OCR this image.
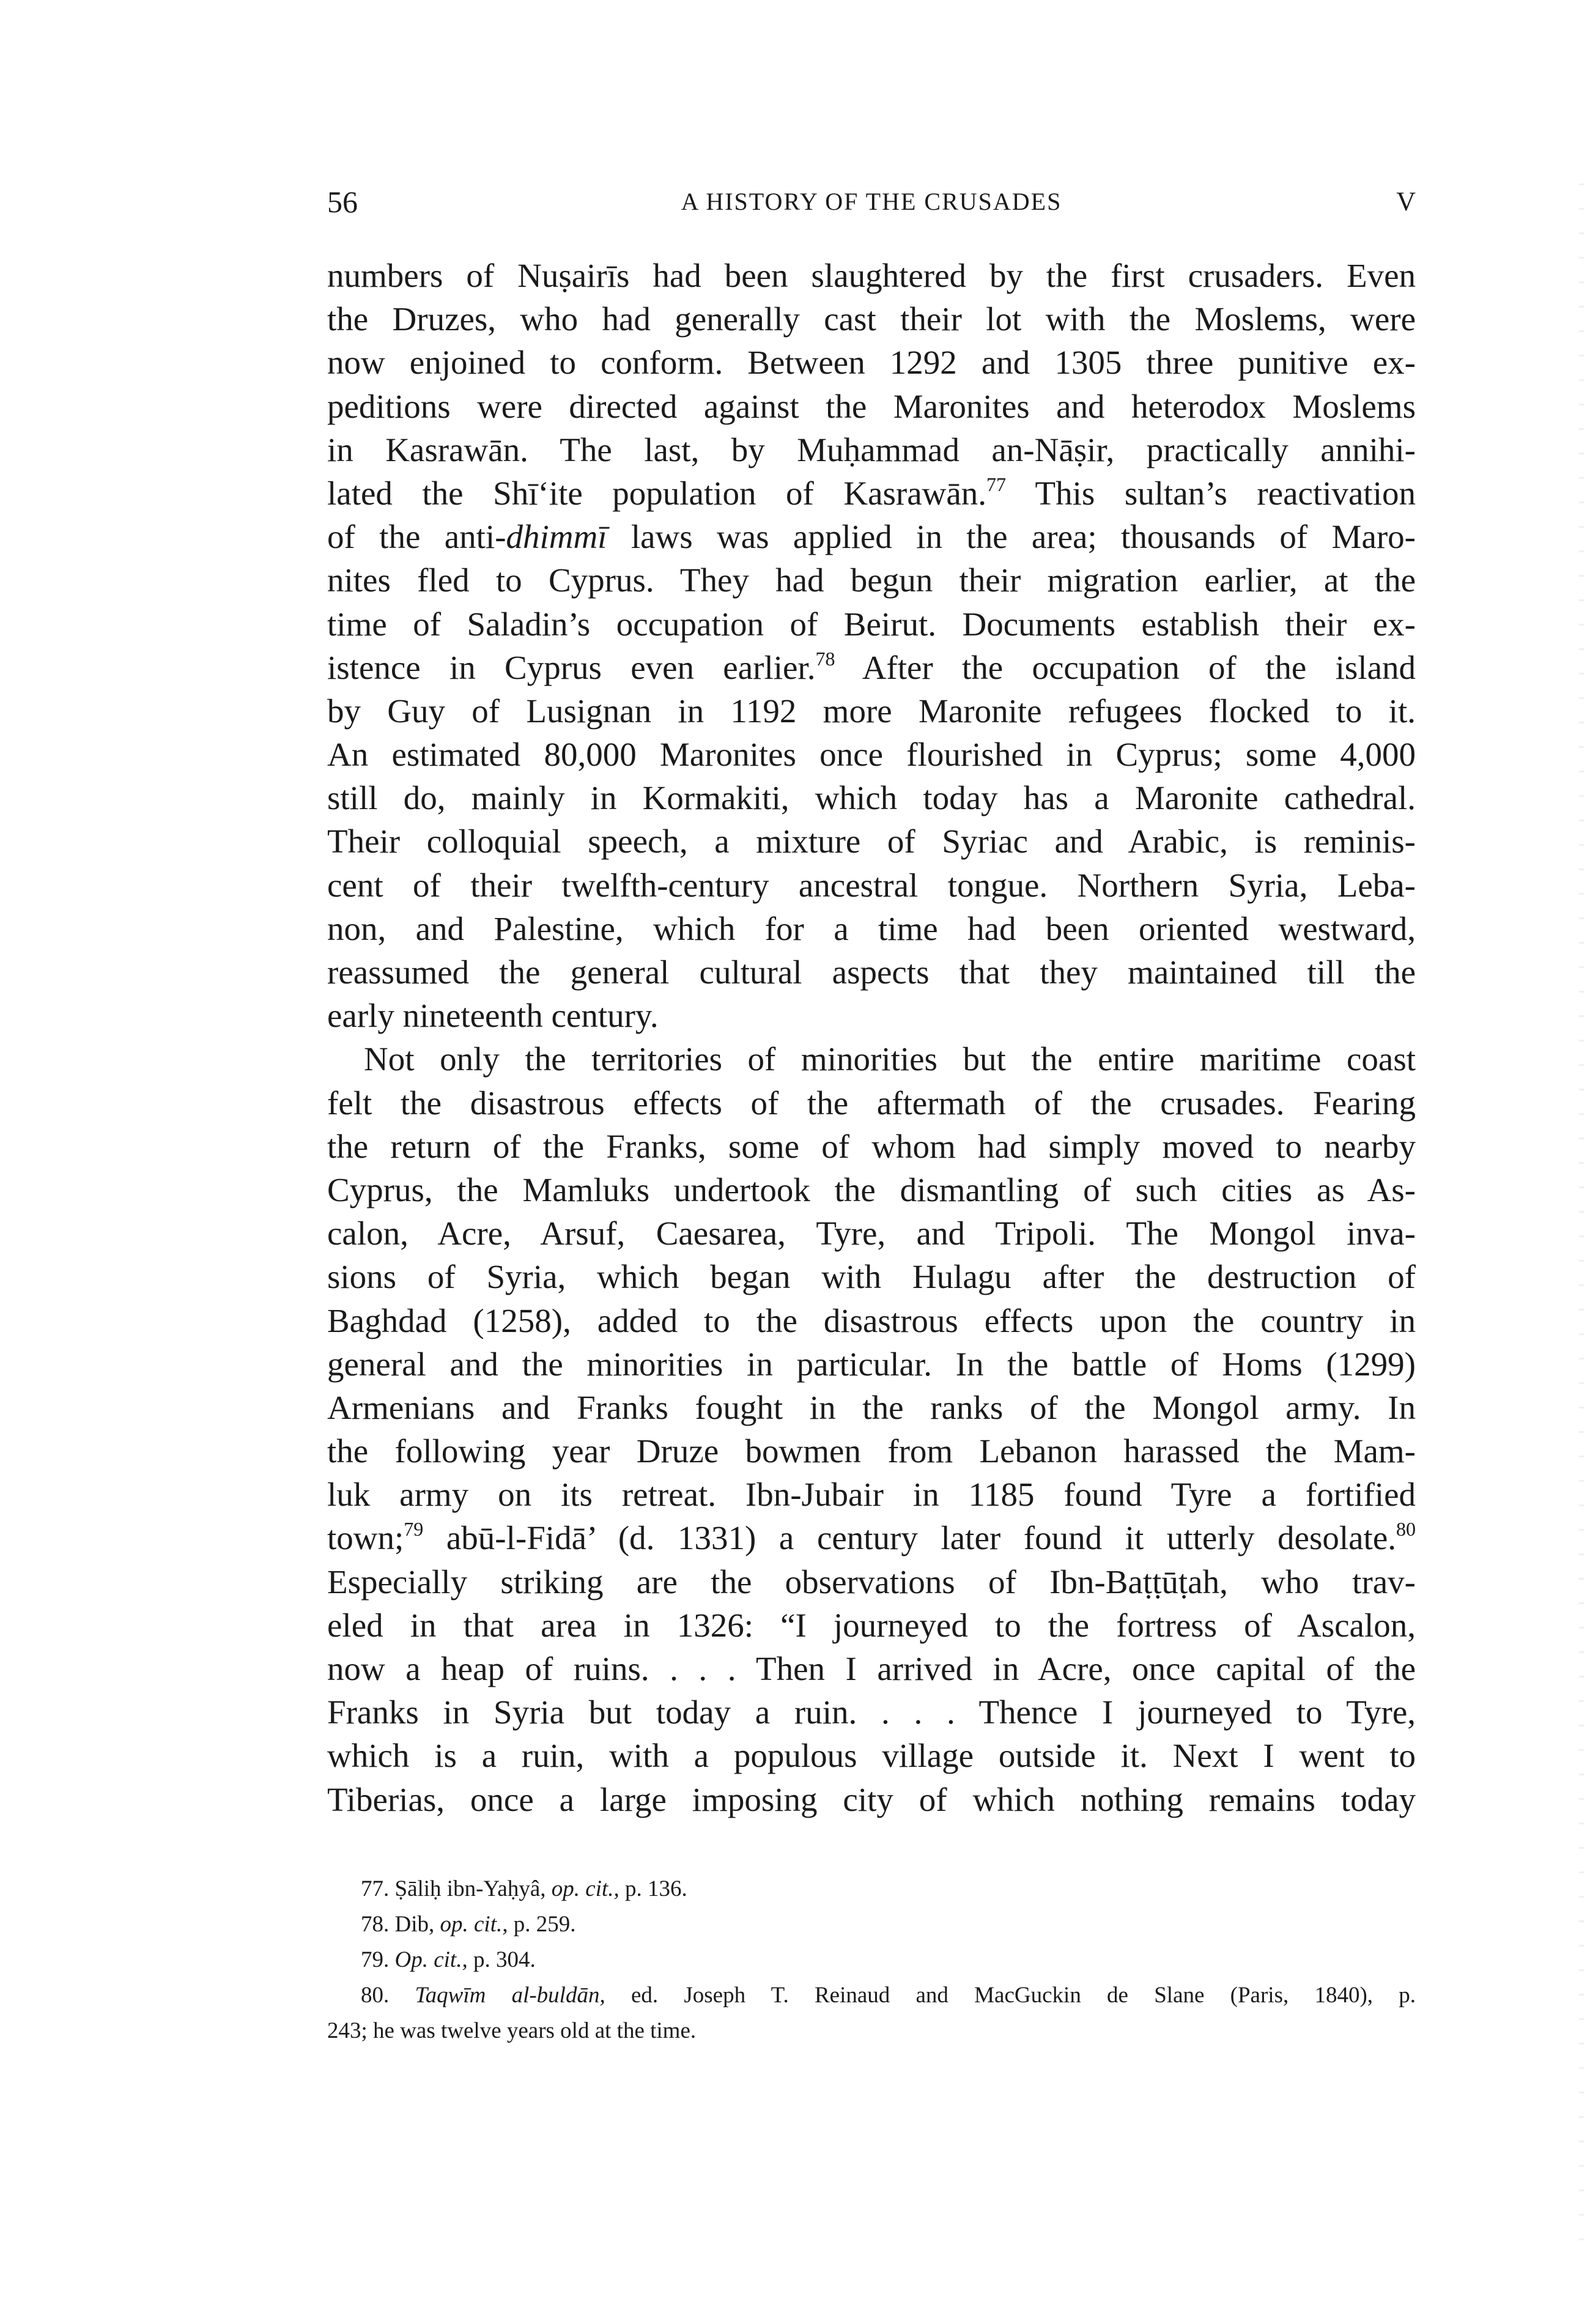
56	A HISTORY OF THE CRUSADES	V
numbers of Nuṣairīs had been slaughtered by the first crusaders. Even
the Druzes, who had generally cast their lot with the Moslems, were
now enjoined to conform. Between 1292 and 1305 three punitive ex-
peditions were directed against the Maronites and heterodox Moslems
in Kasrawān. The last, by Muḥammad an-Nāṣir, practically annihi-
lated the Shī‘ite population of Kasrawān.$^{77}$ This sultan’s reactivation
of the anti-dhimmī laws was applied in the area; thousands of Maro-
nites fled to Cyprus. They had begun their migration earlier, at the
time of Saladin’s occupation of Beirut. Documents establish their ex-
istence in Cyprus even earlier.$^{78}$ After the occupation of the island
by Guy of Lusignan in 1192 more Maronite refugees flocked to it.
An estimated 80,000 Maronites once flourished in Cyprus; some 4,000
still do, mainly in Kormakiti, which today has a Maronite cathedral.
Their colloquial speech, a mixture of Syriac and Arabic, is reminis-
cent of their twelfth-century ancestral tongue. Northern Syria, Leba-
non, and Palestine, which for a time had been oriented westward,
reassumed the general cultural aspects that they maintained till the
early nineteenth century.
Not only the territories of minorities but the entire maritime coast
felt the disastrous effects of the aftermath of the crusades. Fearing
the return of the Franks, some of whom had simply moved to nearby
Cyprus, the Mamluks undertook the dismantling of such cities as As-
calon, Acre, Arsuf, Caesarea, Tyre, and Tripoli. The Mongol inva-
sions of Syria, which began with Hulagu after the destruction of
Baghdad (1258), added to the disastrous effects upon the country in
general and the minorities in particular. In the battle of Homs (1299)
Armenians and Franks fought in the ranks of the Mongol army. In
the following year Druze bowmen from Lebanon harassed the Mam-
luk army on its retreat. Ibn-Jubair in 1185 found Tyre a fortified
town;$^{79}$ abū-l-Fidā’ (d. 1331) a century later found it utterly desolate.$^{80}$
Especially striking are the observations of Ibn-Baṭṭūṭah, who trav-
eled in that area in 1326: “I journeyed to the fortress of Ascalon,
now a heap of ruins. . . . Then I arrived in Acre, once capital of the
Franks in Syria but today a ruin. . . . Thence I journeyed to Tyre,
which is a ruin, with a populous village outside it. Next I went to
Tiberias, once a large imposing city of which nothing remains today
77. Ṣāliḥ ibn-Yaḥyâ, op. cit., p. 136.
78. Dib, op. cit., p. 259.
79. Op. cit., p. 304.
80. Taqwīm al-buldān, ed. Joseph T. Reinaud and MacGuckin de Slane (Paris, 1840), p.
243; he was twelve years old at the time.
